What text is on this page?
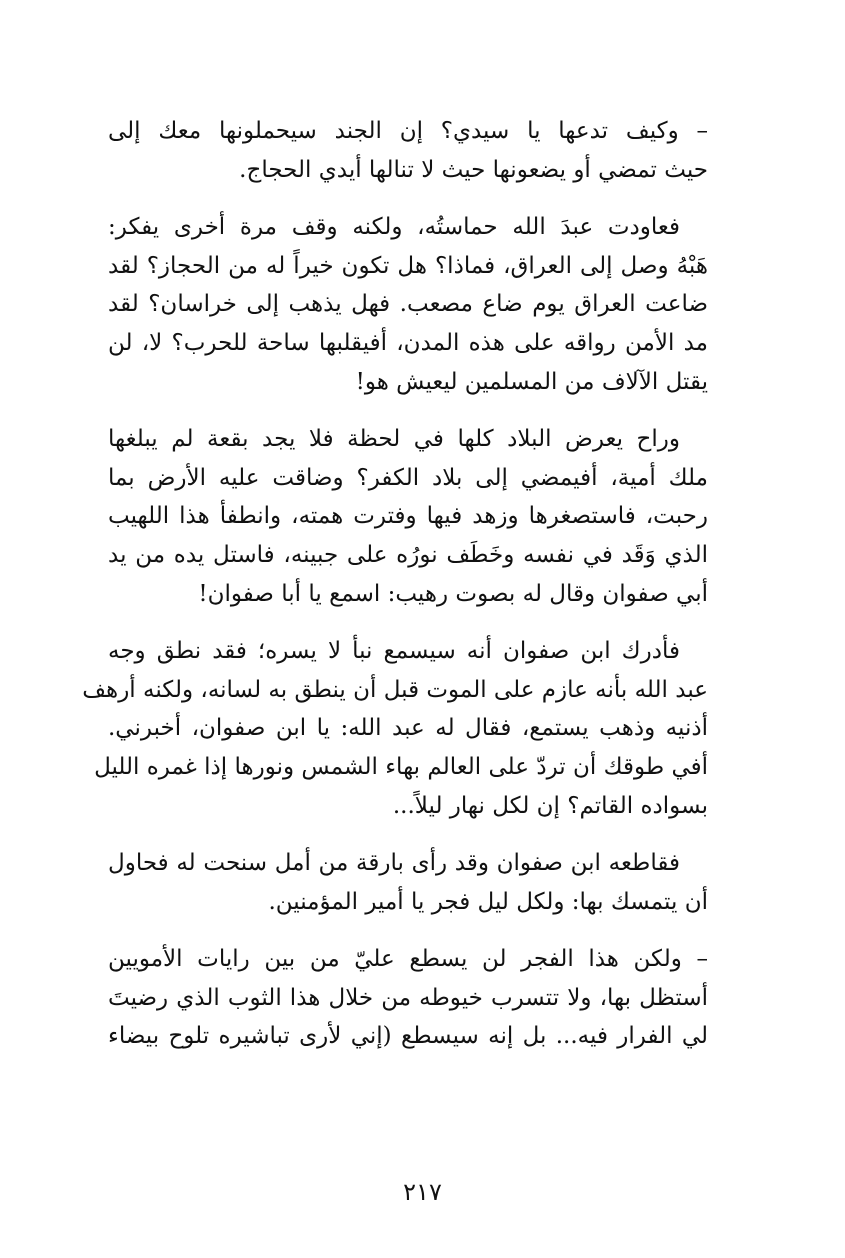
– وكيف تدعها يا سيدي؟ إن الجند سيحملونها معك إلى
حيث تمضي أو يضعونها حيث لا تنالها أيدي الحجاج.
فعاودت عبدَ الله حماستُه، ولكنه وقف مرة أخرى يفكر:
هَبْهُ وصل إلى العراق، فماذا؟ هل تكون خيراً له من الحجاز؟ لقد
ضاعت العراق يوم ضاع مصعب. فهل يذهب إلى خراسان؟ لقد
مد الأمن رواقه على هذه المدن، أفيقلبها ساحة للحرب؟ لا، لن
يقتل الآلاف من المسلمين ليعيش هو!
وراح يعرض البلاد كلها في لحظة فلا يجد بقعة لم يبلغها
ملك أمية، أفيمضي إلى بلاد الكفر؟ وضاقت عليه الأرض بما
رحبت، فاستصغرها وزهد فيها وفترت همته، وانطفأ هذا اللهيب
الذي وَقَد في نفسه وخَطَف نورُه على جبينه، فاستل يده من يد
أبي صفوان وقال له بصوت رهيب: اسمع يا أبا صفوان!
فأدرك ابن صفوان أنه سيسمع نبأ لا يسره؛ فقد نطق وجه
عبد الله بأنه عازم على الموت قبل أن ينطق به لسانه، ولكنه أرهف
أذنيه وذهب يستمع، فقال له عبد الله: يا ابن صفوان، أخبرني.
أفي طوقك أن تردّ على العالم بهاء الشمس ونورها إذا غمره الليل
بسواده القاتم؟ إن لكل نهار ليلاً...
فقاطعه ابن صفوان وقد رأى بارقة من أمل سنحت له فحاول
أن يتمسك بها: ولكل ليل فجر يا أمير المؤمنين.
– ولكن هذا الفجر لن يسطع عليّ من بين رايات الأمويين
أستظل بها، ولا تتسرب خيوطه من خلال هذا الثوب الذي رضيتَ
لي الفرار فيه... بل إنه سيسطع (إني لأرى تباشيره تلوح بيضاء
٢١٧
